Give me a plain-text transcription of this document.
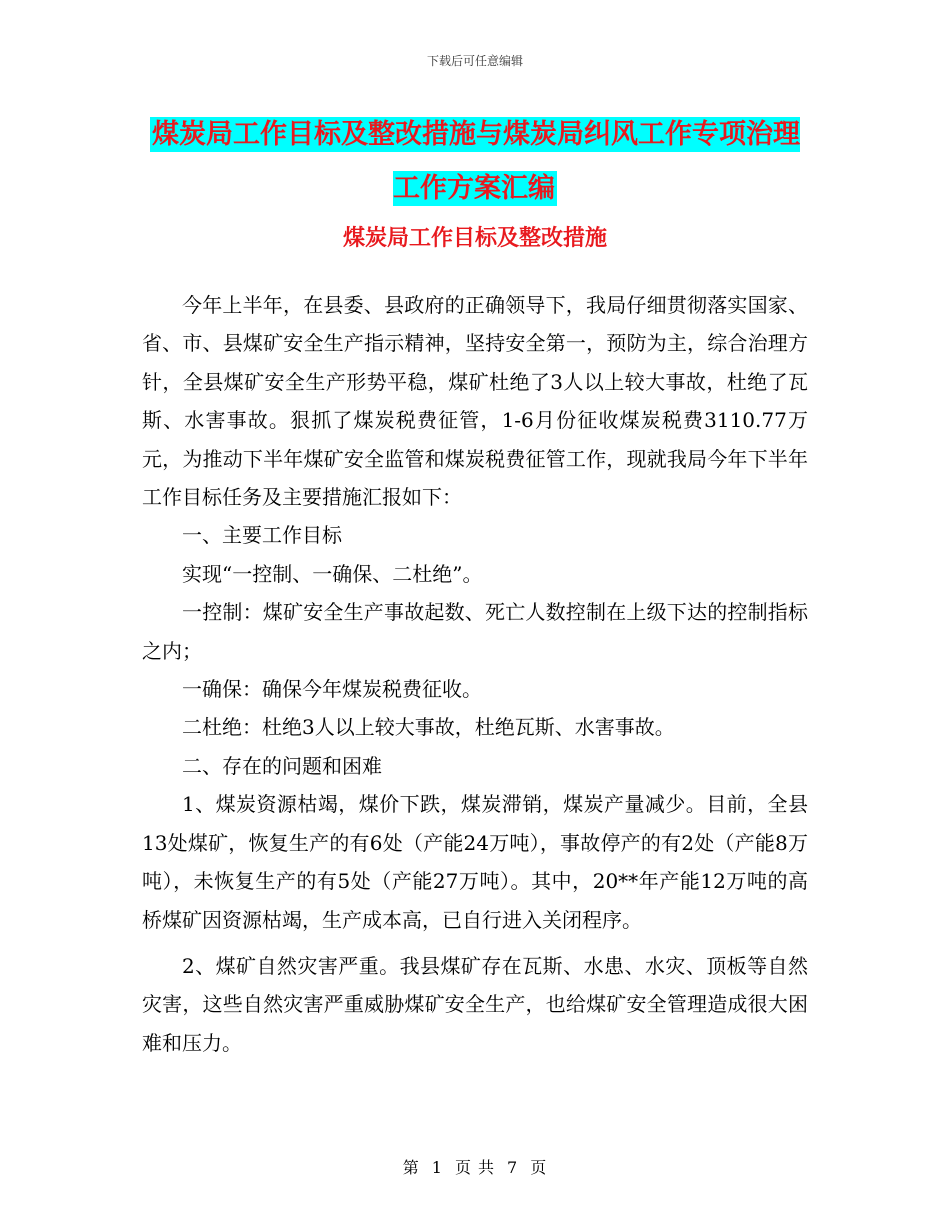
下载后可任意编辑
煤炭局工作目标及整改措施与煤炭局纠风工作专项治理工作方案汇编
煤炭局工作目标及整改措施

今年上半年，在县委、县政府的正确领导下，我局仔细贯彻落实国家、省、市、县煤矿安全生产指示精神，坚持安全第一，预防为主，综合治理方针，全县煤矿安全生产形势平稳，煤矿杜绝了3人以上较大事故，杜绝了瓦斯、水害事故。狠抓了煤炭税费征管，1-6月份征收煤炭税费3110.77万元，为推动下半年煤矿安全监管和煤炭税费征管工作，现就我局今年下半年工作目标任务及主要措施汇报如下：

一、主要工作目标

实现“一控制、一确保、二杜绝”。

一控制：煤矿安全生产事故起数、死亡人数控制在上级下达的控制指标之内；

一确保：确保今年煤炭税费征收。

二杜绝：杜绝3人以上较大事故，杜绝瓦斯、水害事故。

二、存在的问题和困难

1、煤炭资源枯竭，煤价下跌，煤炭滞销，煤炭产量减少。目前，全县13处煤矿，恢复生产的有6处（产能24万吨），事故停产的有2处（产能8万吨），未恢复生产的有5处（产能27万吨）。其中，20**年产能12万吨的高桥煤矿因资源枯竭，生产成本高，已自行进入关闭程序。

2、煤矿自然灾害严重。我县煤矿存在瓦斯、水患、水灾、顶板等自然灾害，这些自然灾害严重威胁煤矿安全生产，也给煤矿安全管理造成很大困难和压力。

第 1 页 共 7 页
